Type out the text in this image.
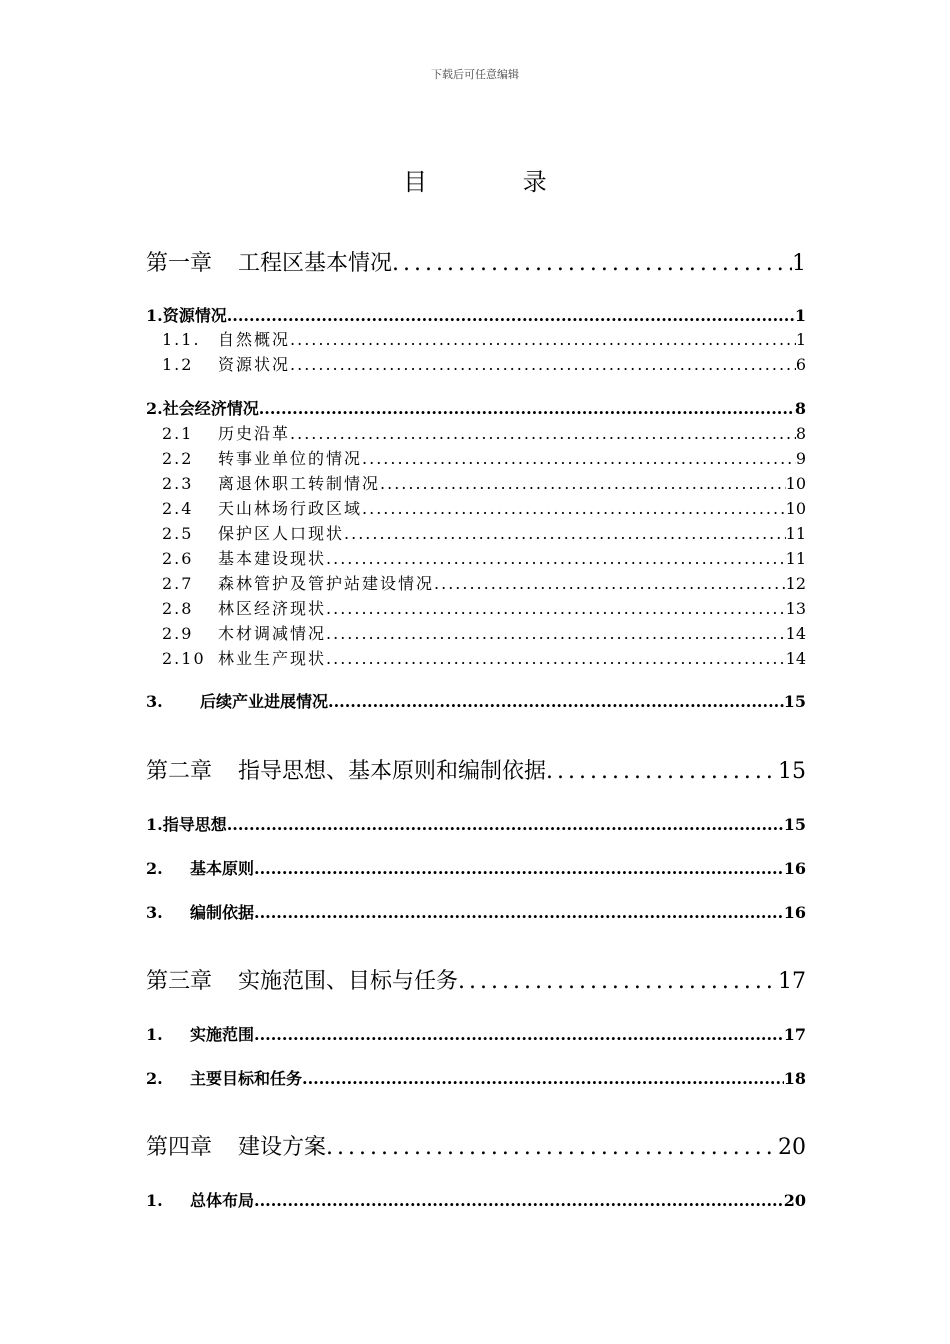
下载后可任意编辑
目 录
第一章 工程区基本情况 .....	1
1.资源情况 .....	1
1.1. 自然概况 .....	1
1.2 资源状况 .....	6
2.社会经济情况 .....	8
2.1 历史沿革 .....	8
2.2 转事业单位的情况 .....	9
2.3 离退休职工转制情况 .....	10
2.4 天山林场行政区域 .....	10
2.5 保护区人口现状 .....	11
2.6 基本建设现状 .....	11
2.7 森林管护及管护站建设情况 .....	12
2.8 林区经济现状 .....	13
2.9 木材调减情况 .....	14
2.10 林业生产现状 .....	14
3. 后续产业进展情况 .....	15
第二章 指导思想、基本原则和编制依据 .....	15
1.指导思想 .....	15
2. 基本原则 .....	16
3. 编制依据 .....	16
第三章 实施范围、目标与任务 .....	17
1. 实施范围 .....	17
2. 主要目标和任务 .....	18
第四章 建设方案 .....	20
1. 总体布局 .....	20
